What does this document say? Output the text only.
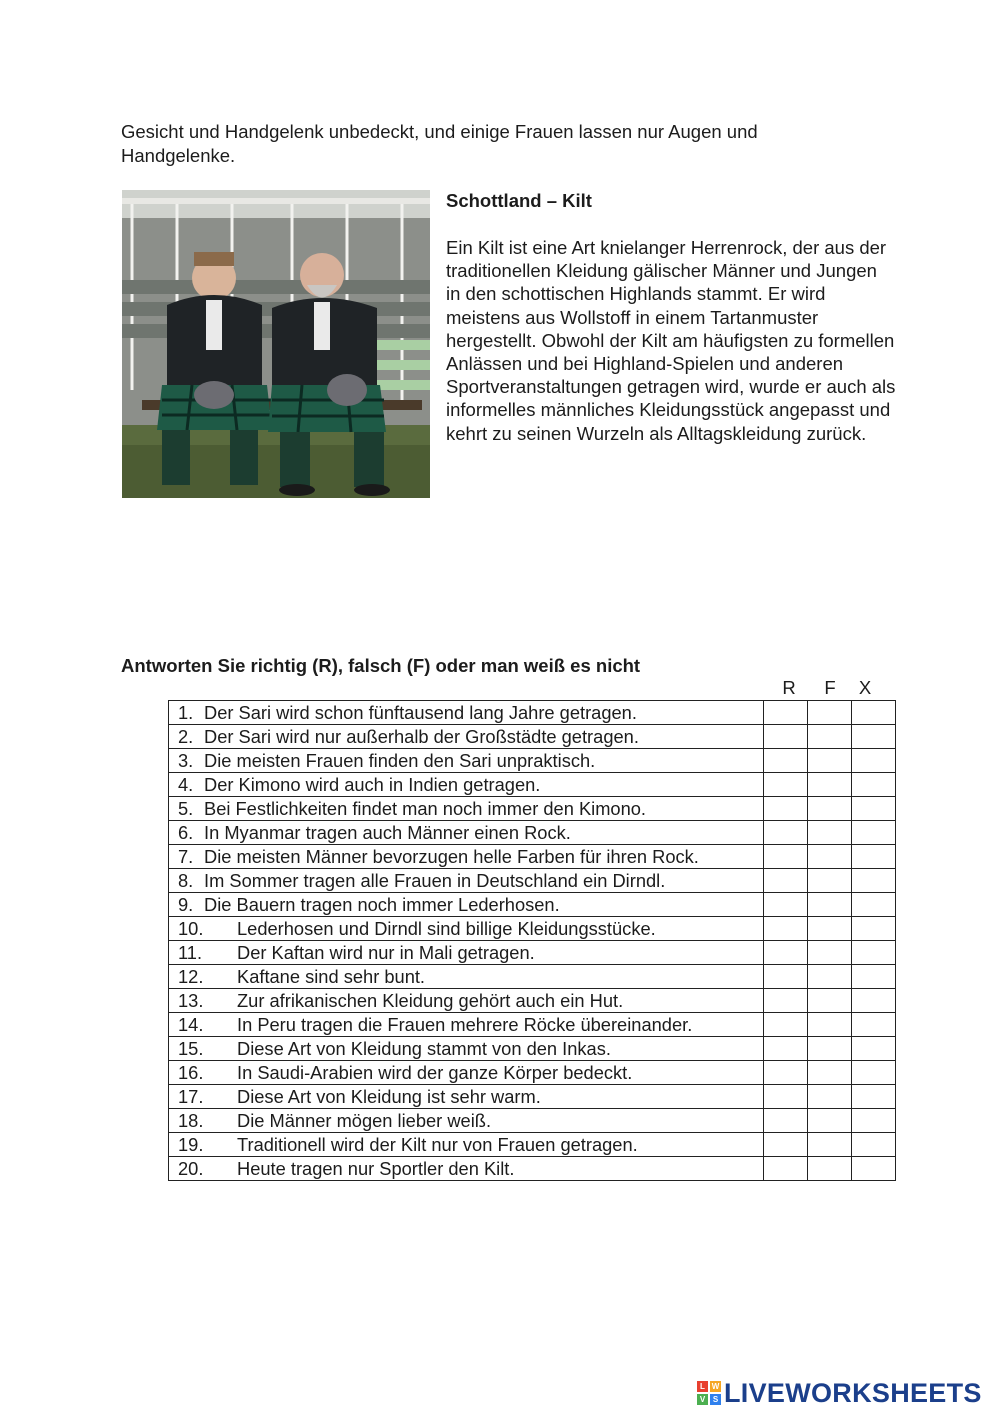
Gesicht und Handgelenk unbedeckt, und einige Frauen lassen nur Augen und Handgelenke.

Schottland – Kilt

Ein Kilt ist eine Art knielanger Herrenrock, der aus der traditionellen Kleidung gälischer Männer und Jungen in den schottischen Highlands stammt. Er wird meistens aus Wollstoff in einem Tartanmuster hergestellt. Obwohl der Kilt am häufigsten zu formellen Anlässen und bei Highland-Spielen und anderen Sportveranstaltungen getragen wird, wurde er auch als informelles männliches Kleidungsstück angepasst und kehrt zu seinen Wurzeln als Alltagskleidung zurück.

Antworten Sie richtig (R), falsch (F) oder man weiß es nicht
R	F	X
1. Der Sari wird schon fünftausend lang Jahre getragen.			
2. Der Sari wird nur außerhalb der Großstädte getragen.			
3. Die meisten Frauen finden den Sari unpraktisch.			
4. Der Kimono wird auch in Indien getragen.			
5. Bei Festlichkeiten findet man noch immer den Kimono.			
6. In Myanmar tragen auch Männer einen Rock.			
7. Die meisten Männer bevorzugen helle Farben für ihren Rock.			
8. Im Sommer tragen alle Frauen in Deutschland ein Dirndl.			
9. Die Bauern tragen noch immer Lederhosen.			
10. Lederhosen und Dirndl sind billige Kleidungsstücke.			
11. Der Kaftan wird nur in Mali getragen.			
12. Kaftane sind sehr bunt.			
13. Zur afrikanischen Kleidung gehört auch ein Hut.			
14. In Peru tragen die Frauen mehrere Röcke übereinander.			
15. Diese Art von Kleidung stammt von den Inkas.			
16. In Saudi-Arabien wird der ganze Körper bedeckt.			
17. Diese Art von Kleidung ist sehr warm.			
18. Die Männer mögen lieber weiß.			
19. Traditionell wird der Kilt nur von Frauen getragen.			
20. Heute tragen nur Sportler den Kilt.			
L W
V S LIVEWORKSHEETS
